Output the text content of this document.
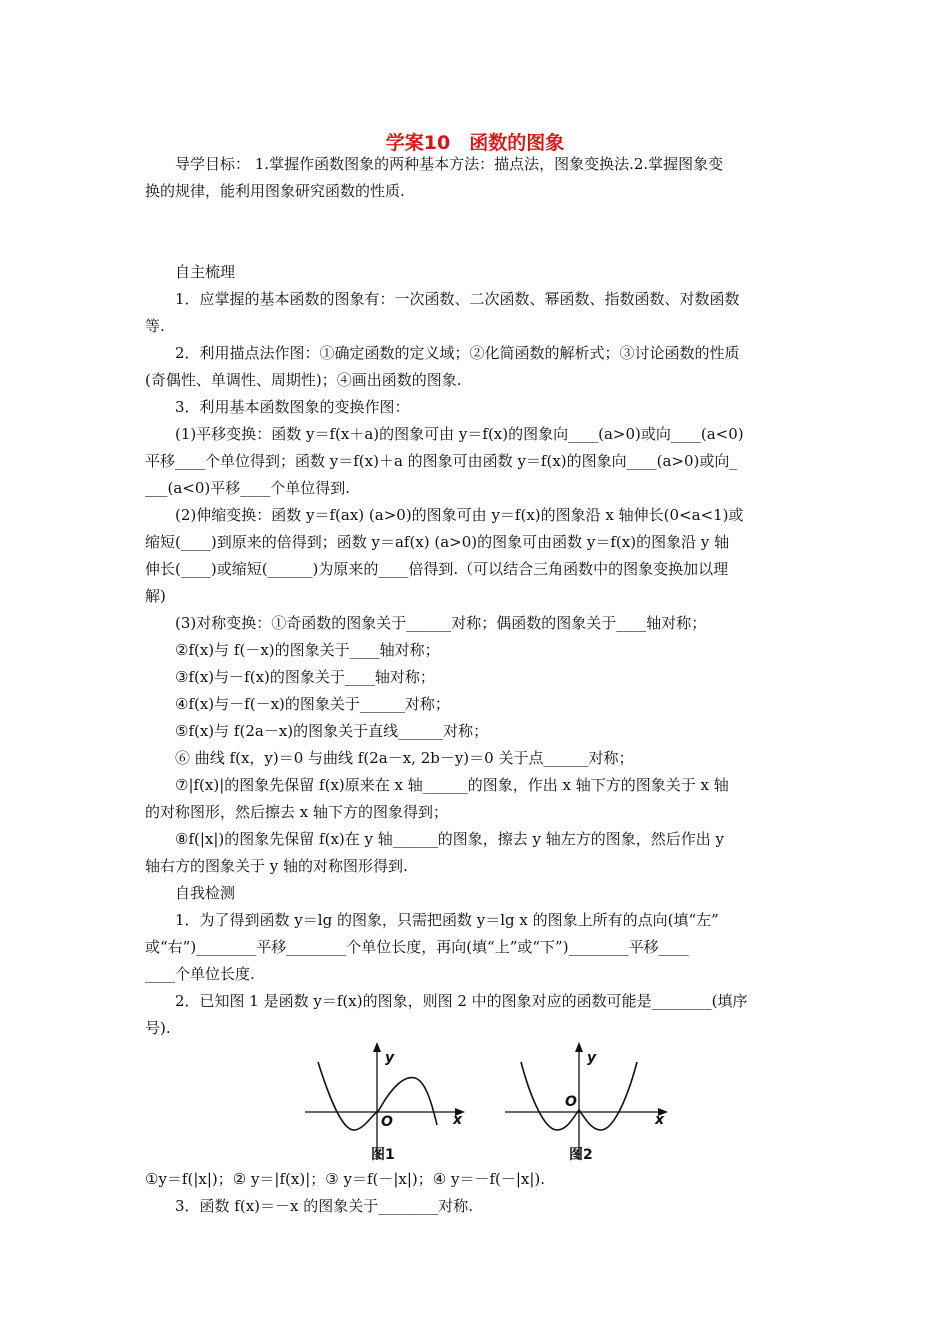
学案10　函数的图象
导学目标： 1.掌握作函数图象的两种基本方法：描点法，图象变换法.2.掌握图象变
换的规律，能利用图象研究函数的性质.
自主梳理
1．应掌握的基本函数的图象有：一次函数、二次函数、幂函数、指数函数、对数函数
等.
2．利用描点法作图：①确定函数的定义域；②化简函数的解析式；③讨论函数的性质
(奇偶性、单调性、周期性)；④画出函数的图象.
3．利用基本函数图象的变换作图：
(1)平移变换：函数 y＝f(x＋a)的图象可由 y＝f(x)的图象向____(a>0)或向____(a<0)
平移____个单位得到；函数 y＝f(x)＋a 的图象可由函数 y＝f(x)的图象向____(a>0)或向_
___(a<0)平移____个单位得到.
(2)伸缩变换：函数 y＝f(ax) (a>0)的图象可由 y＝f(x)的图象沿 x 轴伸长(0<a<1)或
缩短(____)到原来的倍得到；函数 y＝af(x) (a>0)的图象可由函数 y＝f(x)的图象沿 y 轴
伸长(____)或缩短(______)为原来的____倍得到.（可以结合三角函数中的图象变换加以理
解)
(3)对称变换：①奇函数的图象关于______对称；偶函数的图象关于____轴对称；
②f(x)与 f(－x)的图象关于____轴对称；
③f(x)与－f(x)的图象关于____轴对称；
④f(x)与－f(－x)的图象关于______对称；
⑤f(x)与 f(2a－x)的图象关于直线______对称；
⑥ 曲线 f(x，y)＝0 与曲线 f(2a－x, 2b－y)＝0 关于点______对称；
⑦|f(x)|的图象先保留 f(x)原来在 x 轴______的图象，作出 x 轴下方的图象关于 x 轴
的对称图形，然后擦去 x 轴下方的图象得到；
⑧f(|x|)的图象先保留 f(x)在 y 轴______的图象，擦去 y 轴左方的图象，然后作出 y
轴右方的图象关于 y 轴的对称图形得到.
自我检测
1．为了得到函数 y＝lg 的图象，只需把函数 y＝lg x 的图象上所有的点向(填“左”
或“右”)________平移________个单位长度，再向(填“上”或“下”)________平移____
____个单位长度.
2．已知图 1 是函数 y＝f(x)的图象，则图 2 中的图象对应的函数可能是________(填序
号).
y
x
O
图1
y
x
O
图2
①y＝f(|x|)；② y＝|f(x)|；③ y＝f(－|x|)；④ y＝－f(－|x|).
3．函数 f(x)＝－x 的图象关于________对称.
